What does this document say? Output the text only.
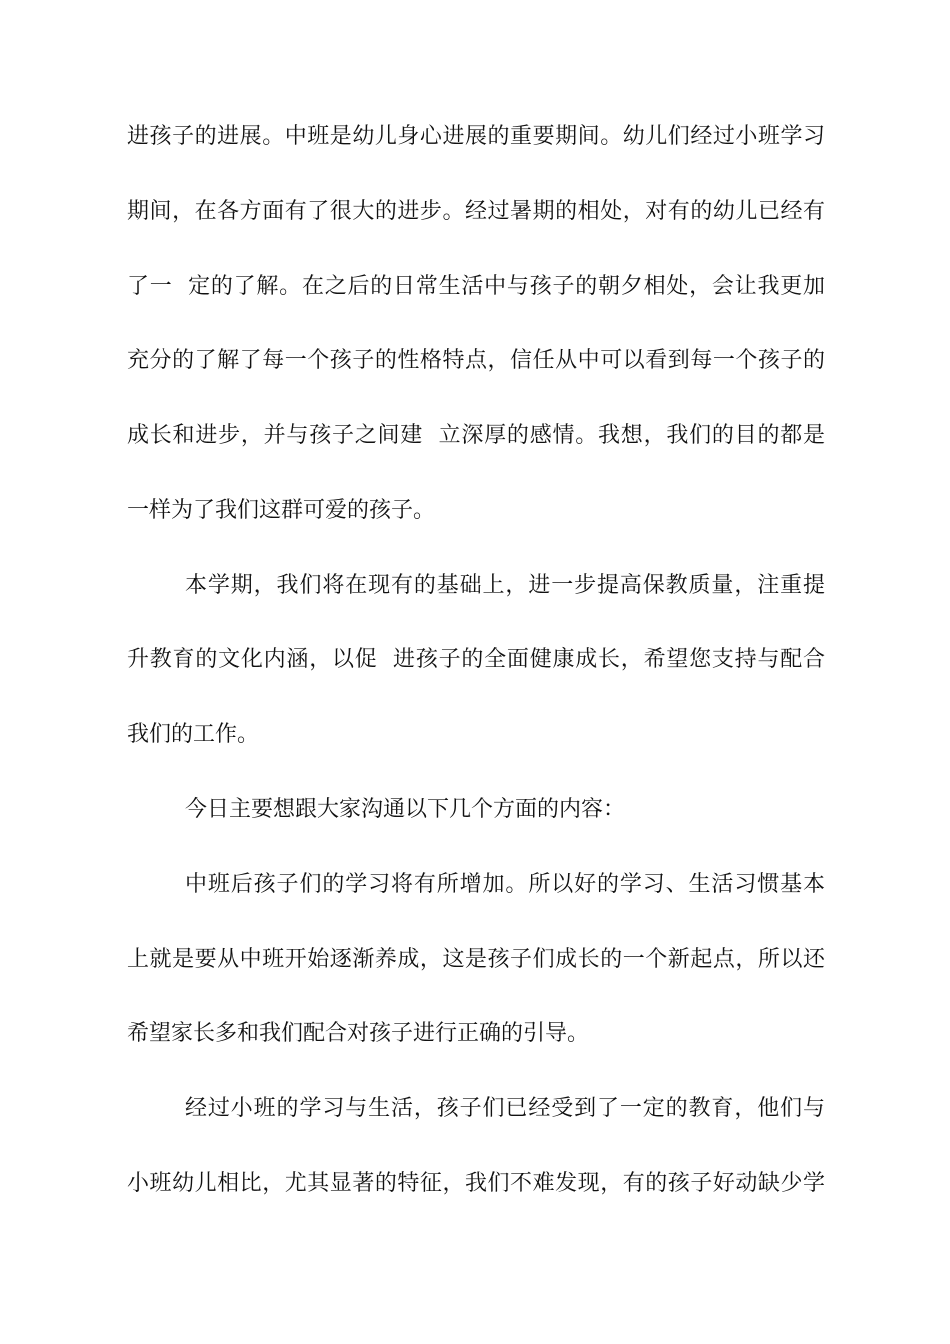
进孩子的进展。中班是幼儿身心进展的重要期间。幼儿们经过小班学习
期间，在各方面有了很大的进步。经过暑期的相处，对有的幼儿已经有
了一  定的了解。在之后的日常生活中与孩子的朝夕相处，会让我更加
充分的了解了每一个孩子的性格特点，信任从中可以看到每一个孩子的
成长和进步，并与孩子之间建  立深厚的感情。我想，我们的目的都是
一样为了我们这群可爱的孩子。
本学期，我们将在现有的基础上，进一步提高保教质量，注重提
升教育的文化内涵，以促  进孩子的全面健康成长，希望您支持与配合
我们的工作。
今日主要想跟大家沟通以下几个方面的内容：
中班后孩子们的学习将有所增加。所以好的学习、生活习惯基本
上就是要从中班开始逐渐养成，这是孩子们成长的一个新起点，所以还
希望家长多和我们配合对孩子进行正确的引导。
经过小班的学习与生活，孩子们已经受到了一定的教育，他们与
小班幼儿相比，尤其显著的特征，我们不难发现，有的孩子好动缺少学
